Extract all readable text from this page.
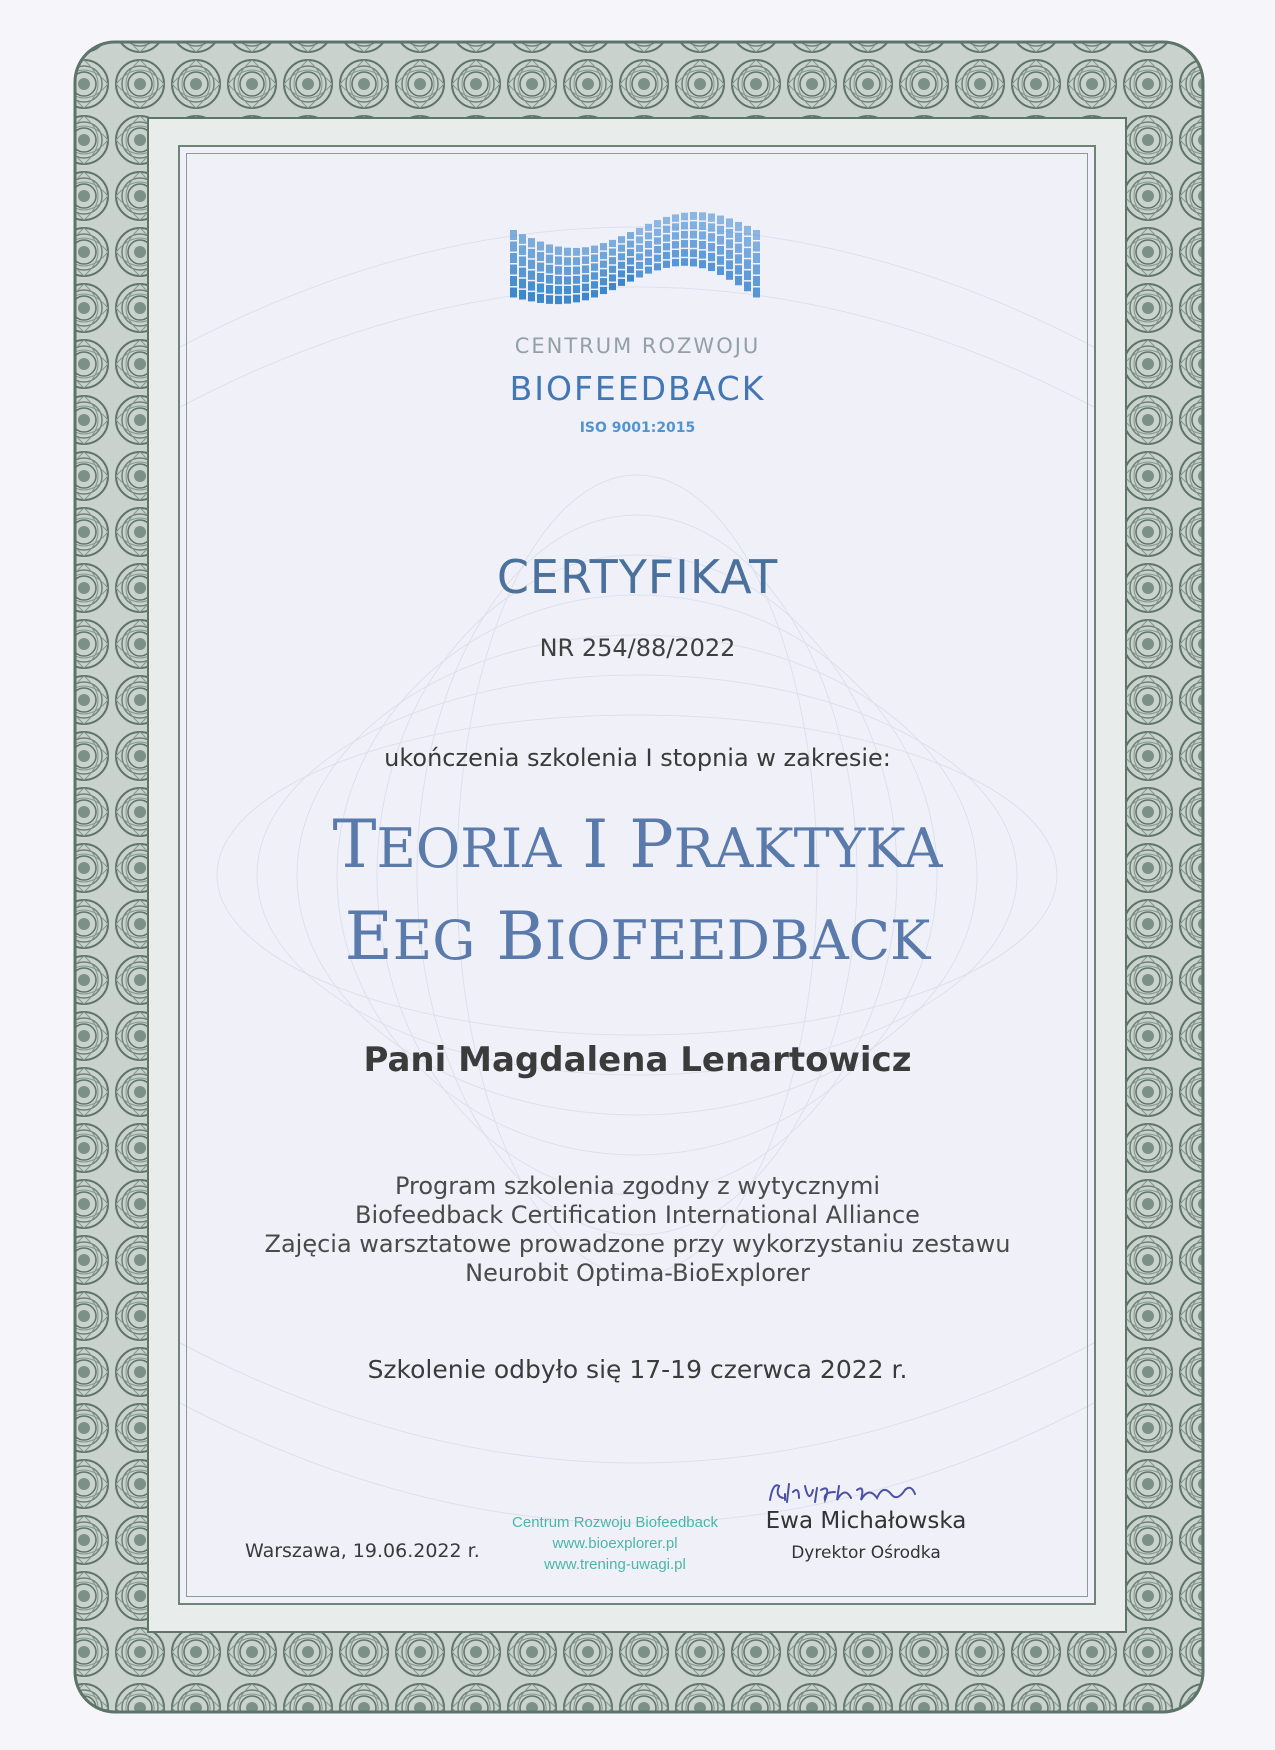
CENTRUM ROZWOJU
BIOFEEDBACK
ISO 9001:2015
CERTYFIKAT
NR 254/88/2022
ukończenia szkolenia I stopnia w zakresie:
TEORIA I PRAKTYKA
EEG BIOFEEDBACK
Pani Magdalena Lenartowicz
Program szkolenia zgodny z wytycznymi
Biofeedback Certification International Alliance
Zajęcia warsztatowe prowadzone przy wykorzystaniu zestawu
Neurobit Optima-BioExplorer
Szkolenie odbyło się 17-19 czerwca 2022 r.
Warszawa, 19.06.2022 r.
Centrum Rozwoju Biofeedback
www.bioexplorer.pl
www.trening-uwagi.pl
Ewa Michałowska
Dyrektor Ośrodka
